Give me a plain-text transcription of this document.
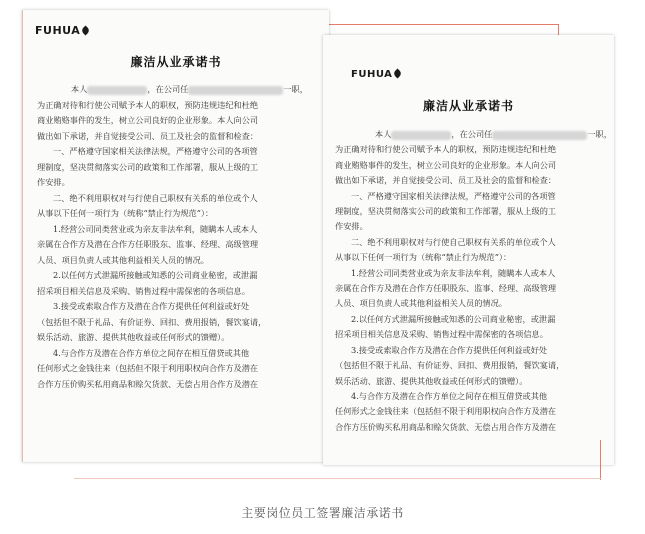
FUHUA
廉洁从业承诺书

本人	，在公司任	一职，

为正确对待和行使公司赋予本人的职权，预防违规违纪和杜绝

商业贿赂事件的发生，树立公司良好的企业形象。本人向公司

做出如下承诺，并自觉接受公司、员工及社会的监督和检查：

一、严格遵守国家相关法律法规，严格遵守公司的各项管

理制度，坚决贯彻落实公司的政策和工作部署，服从上级的工

作安排。

二、绝不利用职权对与行使自己职权有关系的单位或个人

从事以下任何一项行为（统称“禁止行为规范”）：

1.经营公司同类营业或为亲友非法牟利，随瞒本人或本人

亲属在合作方及潜在合作方任职股东、监事、经理、高级管理

人员、项目负责人或其他利益相关人员的情况。

2.以任何方式泄漏所接触或知悉的公司商业秘密，或泄漏

招采项目相关信息及采购、销售过程中需保密的各项信息。

3.接受或索取合作方及潜在合作方提供任何利益或好处

（包括但不限于礼品、有价证券、回扣、费用报销，餐饮宴请，

娱乐活动、旅游、提供其他收益或任何形式的馈赠）。

4.与合作方及潜在合作方单位之间存在相互借贷或其他

任何形式之金钱往来（包括但不限于利用职权向合作方及潜在

合作方压价购买私用商品和赊欠货款、无偿占用合作方及潜在

FUHUA
廉洁从业承诺书

本人	，在公司任	一职，

为正确对待和行使公司赋予本人的职权，预防违规违纪和杜绝

商业贿赂事件的发生，树立公司良好的企业形象。本人向公司

做出如下承诺，并自觉接受公司、员工及社会的监督和检查：

一、严格遵守国家相关法律法规，严格遵守公司的各项管

理制度，坚决贯彻落实公司的政策和工作部署，服从上级的工

作安排。

二、绝不利用职权对与行使自己职权有关系的单位或个人

从事以下任何一项行为（统称“禁止行为规范”）：

1.经营公司同类营业或为亲友非法牟利，随瞒本人或本人

亲属在合作方及潜在合作方任职股东、监事、经理、高级管理

人员、项目负责人或其他利益相关人员的情况。

2.以任何方式泄漏所接触或知悉的公司商业秘密，或泄漏

招采项目相关信息及采购、销售过程中需保密的各项信息。

3.接受或索取合作方及潜在合作方提供任何利益或好处

（包括但不限于礼品、有价证券、回扣、费用报销，餐饮宴请，

娱乐活动、旅游、提供其他收益或任何形式的馈赠）。

4.与合作方及潜在合作方单位之间存在相互借贷或其他

任何形式之金钱往来（包括但不限于利用职权向合作方及潜在

合作方压价购买私用商品和赊欠货款、无偿占用合作方及潜在

主要岗位员工签署廉洁承诺书
